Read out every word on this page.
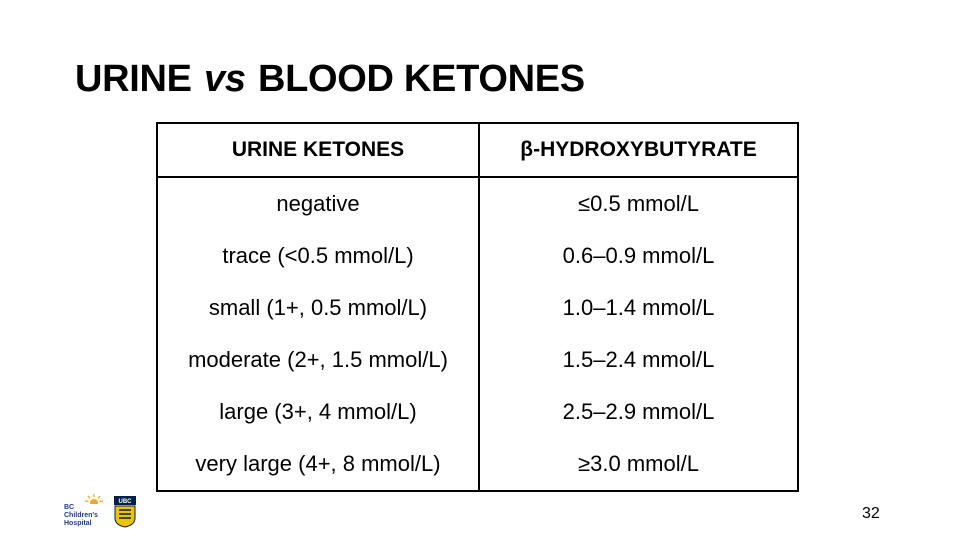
URINE vs BLOOD KETONES
URINE KETONES	β-HYDROXYBUTYRATE
negative	≤0.5 mmol/L
trace (<0.5 mmol/L)	0.6–0.9 mmol/L
small (1+, 0.5 mmol/L)	1.0–1.4 mmol/L
moderate (2+, 1.5 mmol/L)	1.5–2.4 mmol/L
large (3+, 4 mmol/L)	2.5–2.9 mmol/L
very large (4+, 8 mmol/L)	≥3.0 mmol/L
BC
Children's
Hospital
UBC
32
